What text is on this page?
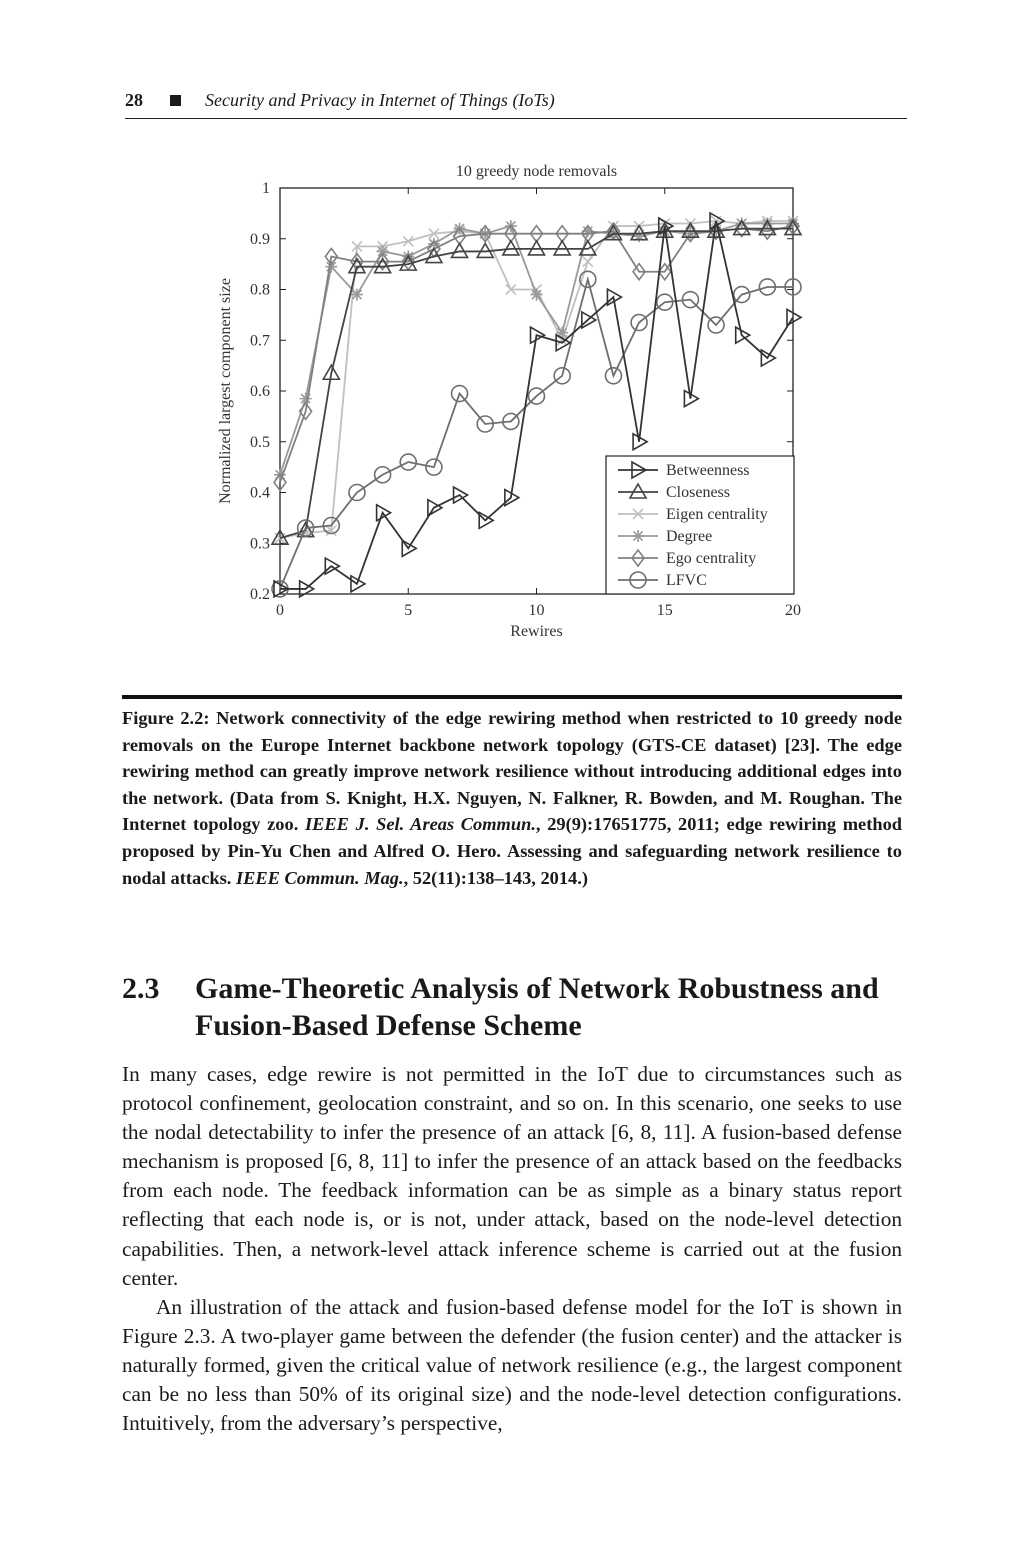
28	Security and Privacy in Internet of Things (IoTs)
10 greedy node removals
Rewires
Normalized largest component size
0	5	10	15	20
0.2
0.3
0.4
0.5
0.6
0.7
0.8
0.9
1
Betweenness
Closeness
Eigen centrality
Degree
Ego centrality
LFVC
Figure 2.2: Network connectivity of the edge rewiring method when restricted to 10 greedy node removals on the Europe Internet backbone network topology (GTS-CE dataset) [23]. The edge rewiring method can greatly improve network resilience without introducing additional edges into the network. (Data from S. Knight, H.X. Nguyen, N. Falkner, R. Bowden, and M. Roughan. The Internet topology zoo. IEEE J. Sel. Areas Commun., 29(9):17651775, 2011; edge rewiring method proposed by Pin-Yu Chen and Alfred O. Hero. Assessing and safeguarding network resilience to nodal attacks. IEEE Commun. Mag., 52(11):138–143, 2014.)
2.3 Game-Theoretic Analysis of Network Robustness and Fusion-Based Defense Scheme

In many cases, edge rewire is not permitted in the IoT due to circumstances such as protocol confinement, geolocation constraint, and so on. In this scenario, one seeks to use the nodal detectability to infer the presence of an attack [6, 8, 11]. A fusion-based defense mechanism is proposed [6, 8, 11] to infer the presence of an attack based on the feedbacks from each node. The feedback information can be as simple as a binary status report reflecting that each node is, or is not, under attack, based on the node-level detection capabilities. Then, a network-level attack inference scheme is carried out at the fusion center.

An illustration of the attack and fusion-based defense model for the IoT is shown in Figure 2.3. A two-player game between the defender (the fusion center) and the attacker is naturally formed, given the critical value of network resilience (e.g., the largest component can be no less than 50% of its original size) and the node-level detection configurations. Intuitively, from the adversary’s perspective,
